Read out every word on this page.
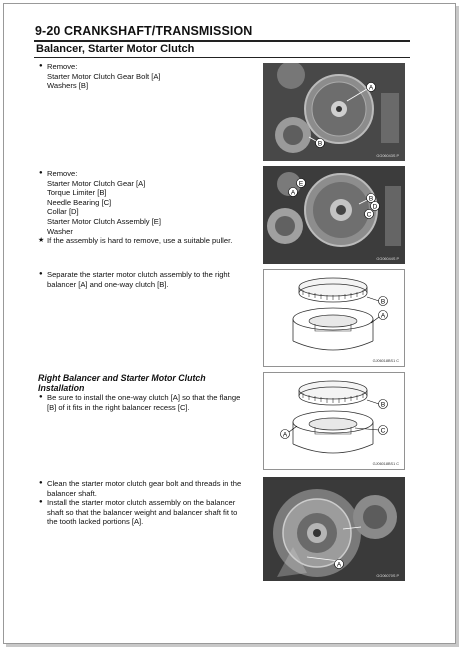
9-20 CRANKSHAFT/TRANSMISSION
Balancer, Starter Motor Clutch
● Remove:
Starter Motor Clutch Gear Bolt [A]
Washers [B]
● Remove:
Starter Motor Clutch Gear [A]
Torque Limiter [B]
Needle Bearing [C]
Collar [D]
Starter Motor Clutch Assembly [E]
Washer
★ If the assembly is hard to remove, use a suitable puller.
● Separate the starter motor clutch assembly to the right
balancer [A] and one-way clutch [B].
Right Balancer and Starter Motor Clutch
Installation
● Be sure to install the one-way clutch [A] so that the flange
[B] of it fits in the right balancer recess [C].
● Clean the starter motor clutch gear bolt and threads in the
balancer shaft.
● Install the starter motor clutch assembly on the balancer
shaft so that the balancer weight and balancer shaft fit to
the tooth lacked portions [A].
A
B
GG06043S P
A
E
B
D
C
GG06044S P
B
A
GJ06018BS1 C
B
A
C
GJ06018BS1 C
A
GG06070S P
